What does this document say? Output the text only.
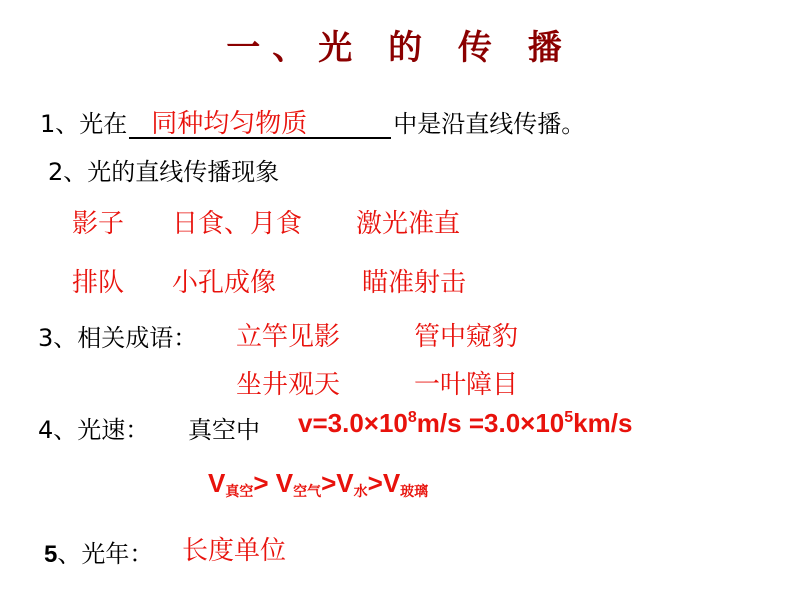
一、光 的 传 播
1、光在 同种均匀物质	中是沿直线传播。
2、光的直线传播现象
影子 日食、月食 激光准直
排队 小孔成像	瞄准射击
3、相关成语： 立竿见影	管中窥豹
坐井观天	一叶障目
4、光速： 真空中 $v=3.0\times 10^8m/s =3.0\times 10^5km/s$
$V_{真空}> V_{空气}>V_水>V_{玻璃}$
5、光年： 长度单位
